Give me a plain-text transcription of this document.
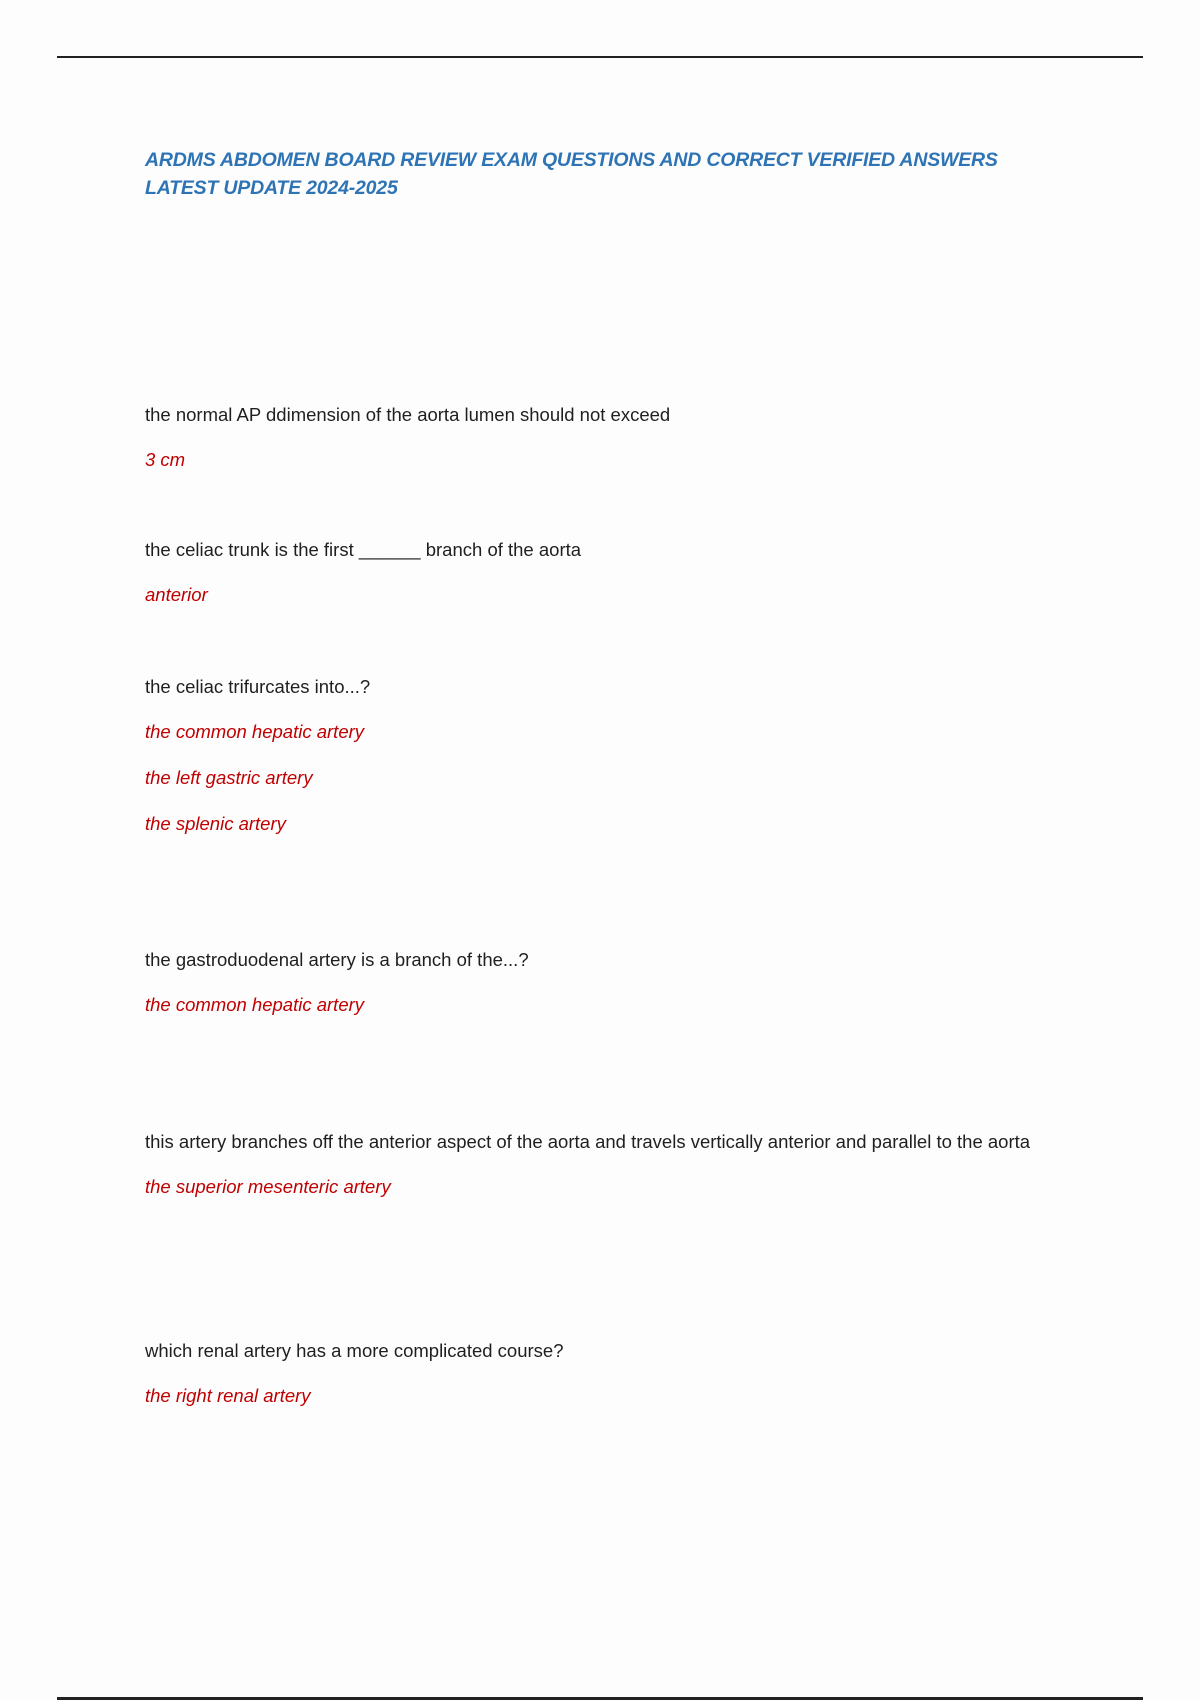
ARDMS ABDOMEN BOARD REVIEW EXAM QUESTIONS AND CORRECT VERIFIED ANSWERS LATEST UPDATE 2024-2025

the normal AP ddimension of the aorta lumen should not exceed

3 cm

the celiac trunk is the first ______ branch of the aorta

anterior

the celiac trifurcates into...?

the common hepatic artery

the left gastric artery

the splenic artery

the gastroduodenal artery is a branch of the...?

the common hepatic artery

this artery branches off the anterior aspect of the aorta and travels vertically anterior and parallel to the aorta

the superior mesenteric artery

which renal artery has a more complicated course?

the right renal artery
